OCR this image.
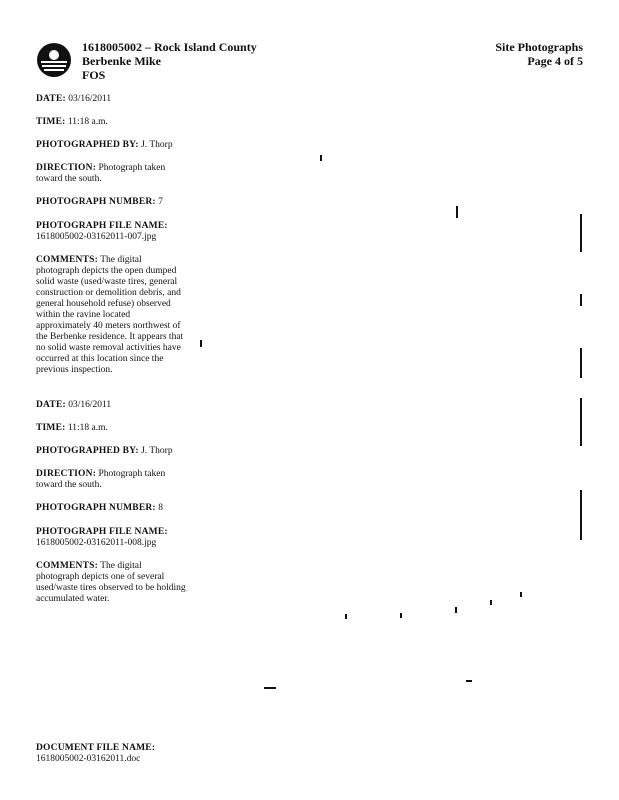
1618005002 – Rock Island County
Berbenke Mike
FOS
Site Photographs
Page 4 of 5
DATE: 03/16/2011
TIME: 11:18 a.m.
PHOTOGRAPHED BY: J. Thorp
DIRECTION: Photograph taken toward the south.
PHOTOGRAPH NUMBER: 7
PHOTOGRAPH FILE NAME:
1618005002-03162011-007.jpg
COMMENTS: The digital photograph depicts the open dumped solid waste (used/waste tires, general construction or demolition debris, and general household refuse) observed within the ravine located approximately 40 meters northwest of the Berbenke residence. It appears that no solid waste removal activities have occurred at this location since the previous inspection.
DATE: 03/16/2011
TIME: 11:18 a.m.
PHOTOGRAPHED BY: J. Thorp
DIRECTION: Photograph taken toward the south.
PHOTOGRAPH NUMBER: 8
PHOTOGRAPH FILE NAME:
1618005002-03162011-008.jpg
COMMENTS: The digital photograph depicts one of several used/waste tires observed to be holding accumulated water.
DOCUMENT FILE NAME:
1618005002-03162011.doc
